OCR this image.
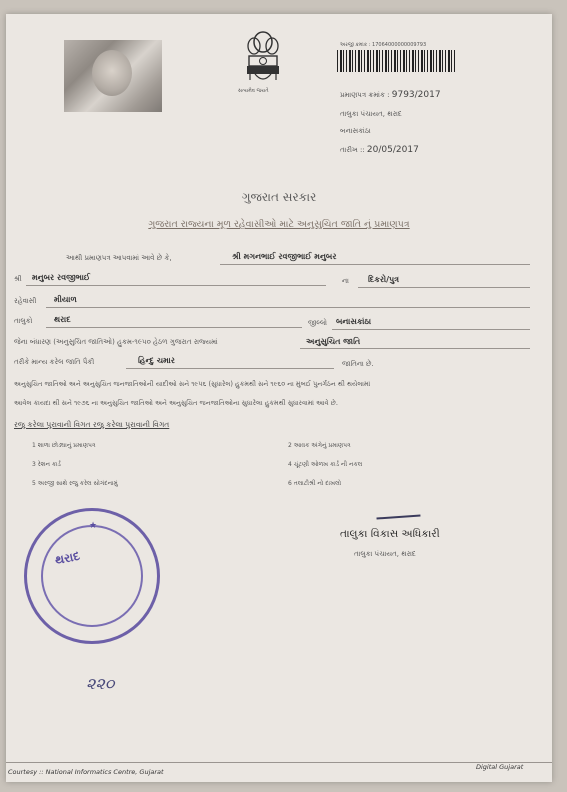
સત્યમેવ જયતે
અરજી ક્રમાંક : 17064000000009793
પ્રમાણપત્ર ક્રમાંક : 9793/2017
તાલુકા પંચાયત, થરાદ
બનાસકાંઠા
તારીખ :: 20/05/2017
ગુજરાત સરકાર
ગુજરાત રાજ્યના મૂળ રહેવાસીઓ માટે અનુસુચિત જાતિ નું પ્રમાણપત્ર
આથી પ્રમાણપત્ર આપવામાં આવે છે કે,	શ્રી મગનભાઈ રવજીભાઈ મનુબર
શ્રી મનુબર રવજીભાઈ	ના દિકરો/પુત્ર
રહેવાસી મીયાળ
તાલુકો	થરાદ	જીલ્લો બનાસકાંઠા
જેના બંધારણ (અનુસુચિત જાતિઓ) હુકમ-૧૯૫૦ હેઠળ ગુજરાત રાજ્યમાં	અનુસુચિત જાતિ
તરીકે માન્ય કરેલ જાતિ પૈકી	હિન્દુ ચમાર	જાતિના છે.
અનુસુચિત જાતિઓ અને અનુસુચિત જનજાતિઓની યાદીઓ સને ૧૯૫૬ (સુધારેલ) હુકમથી સને ૧૯૬૦ ના મુંબઈ પુનર્ગઠન થી થયેલામાં
આવેલ કાયદા થી સને ૧૯૭૬ ના અનુસુચિત જાતિઓ અને અનુસુચિત જનજાતિઓના સુધારેલા હુકમથી સુધારવામાં આવે છે.
રજુ કરેલા પુરાવાની વિગત રજુ કરેલા પુરાવાની વિગત
1 શાળા છોડ્યાનું પ્રમાણપત્ર
3 રેશન કાર્ડ
5 અરજી સાથે રજુ કરેલ સોગંદનામું
2 આવક અંગેનું પ્રમાણપત્ર
4 ચૂંટણી ઓળખ કાર્ડ ની નકલ
6 તલાટીશ્રી નો દાખલો
તાલુકા વિકાસ અધિકારી
તાલુકા પંચાયત, થરાદ
થરાદ
★
૨૨૦
Courtesy :: National Informatics Centre, Gujarat
Digital Gujarat
